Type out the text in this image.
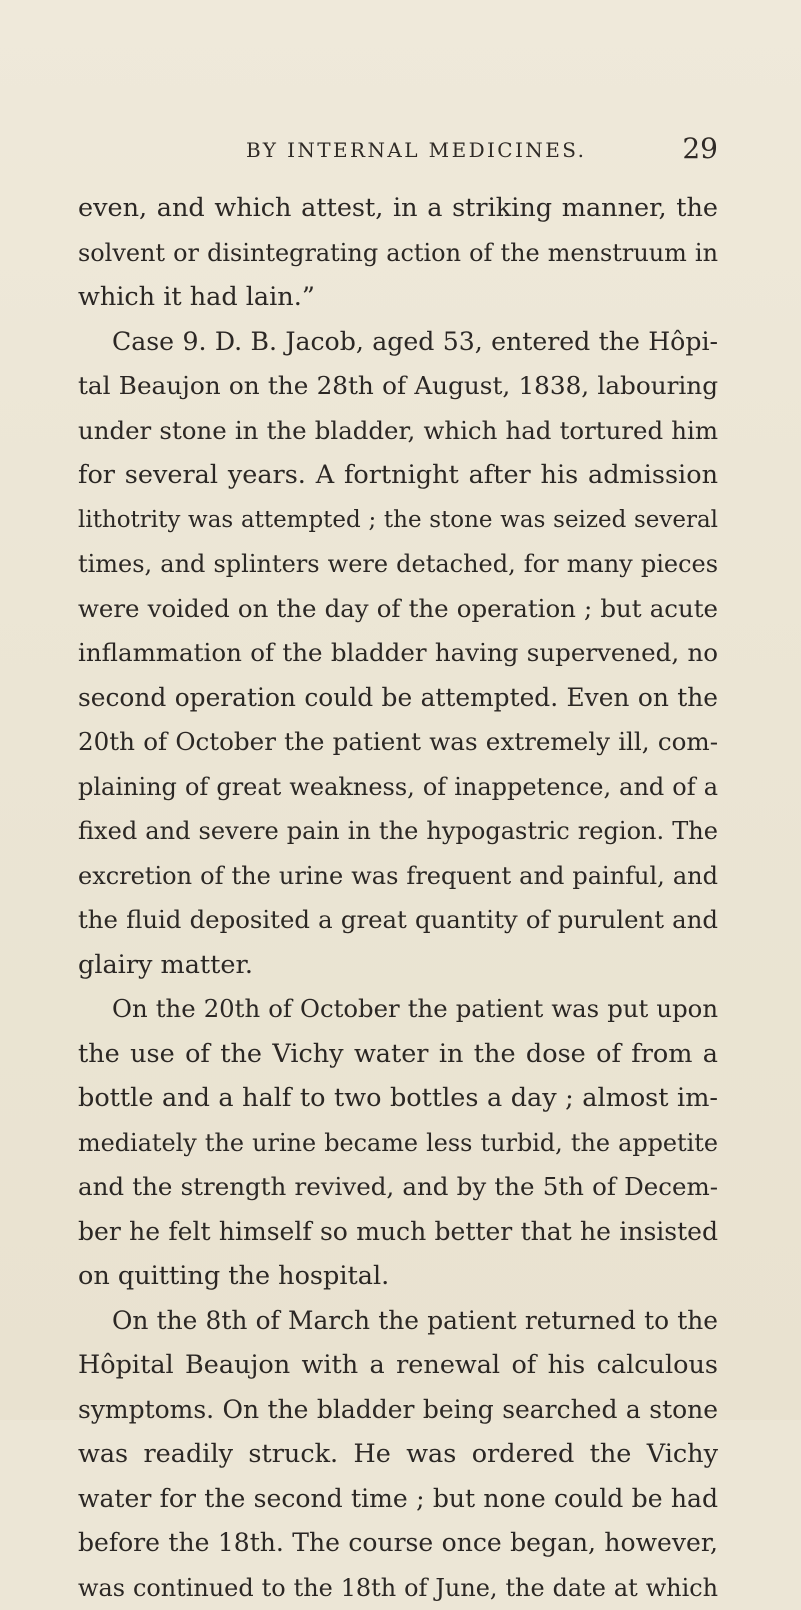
BY INTERNAL MEDICINES.	29
even, and which attest, in a striking manner, the
solvent or disintegrating action of the menstruum in
which it had lain.”
Case 9. D. B. Jacob, aged 53, entered the Hôpi-
tal Beaujon on the 28th of August, 1838, labouring
under stone in the bladder, which had tortured him
for several years. A fortnight after his admission
lithotrity was attempted ; the stone was seized several
times, and splinters were detached, for many pieces
were voided on the day of the operation ; but acute
inflammation of the bladder having supervened, no
second operation could be attempted. Even on the
20th of October the patient was extremely ill, com-
plaining of great weakness, of inappetence, and of a
fixed and severe pain in the hypogastric region. The
excretion of the urine was frequent and painful, and
the fluid deposited a great quantity of purulent and
glairy matter.
On the 20th of October the patient was put upon
the use of the Vichy water in the dose of from a
bottle and a half to two bottles a day ; almost im-
mediately the urine became less turbid, the appetite
and the strength revived, and by the 5th of Decem-
ber he felt himself so much better that he insisted
on quitting the hospital.
On the 8th of March the patient returned to the
Hôpital Beaujon with a renewal of his calculous
symptoms. On the bladder being searched a stone
was readily struck. He was ordered the Vichy
water for the second time ; but none could be had
before the 18th. The course once began, however,
was continued to the 18th of June, the date at which
